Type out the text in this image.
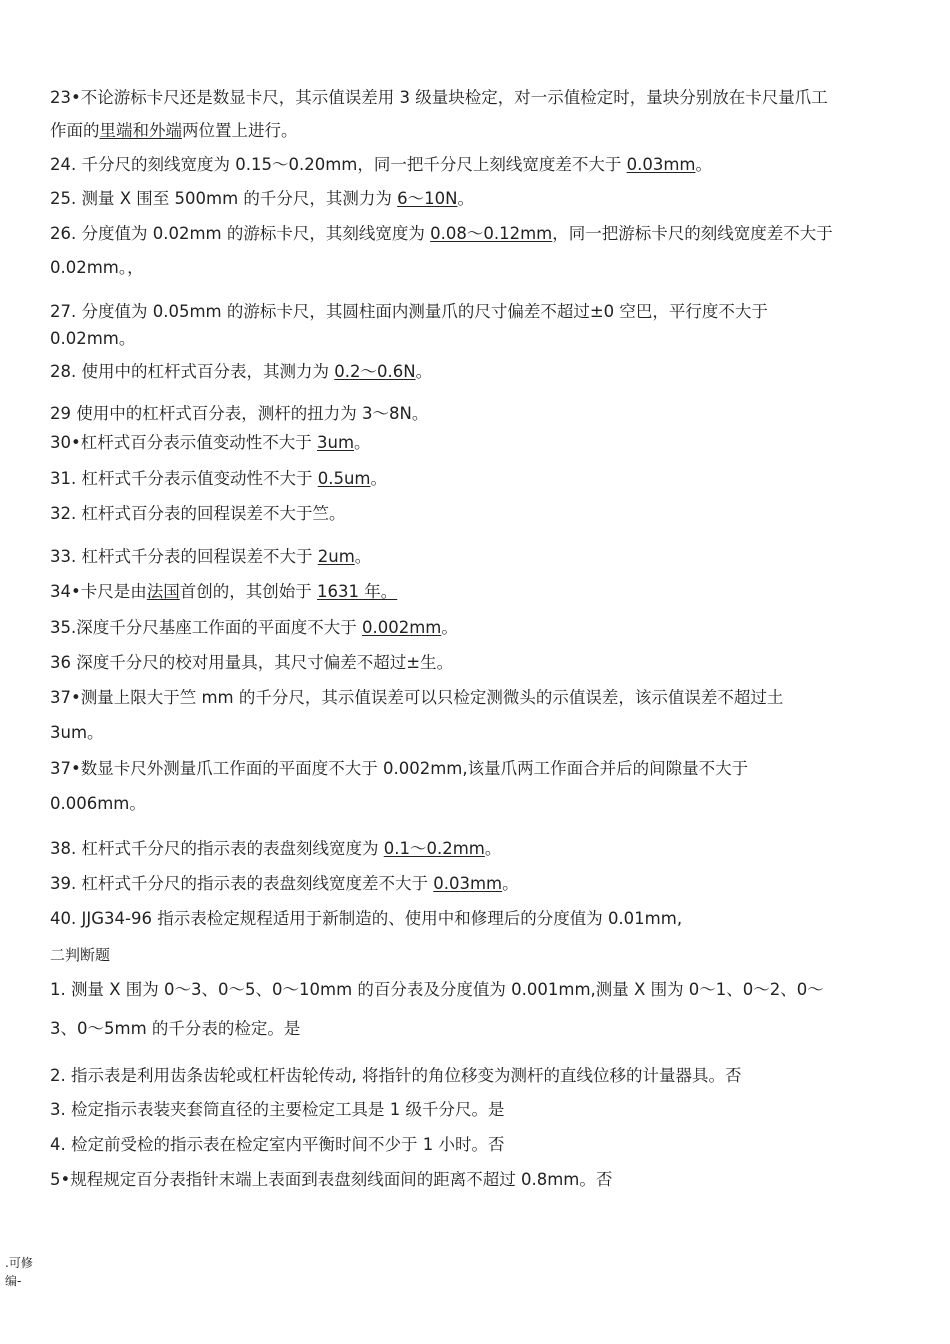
23•不论游标卡尺还是数显卡尺，其示值误差用 3 级量块检定，对一示值检定时，量块分别放在卡尺量爪工
作面的里端和外端两位置上进行。
24. 千分尺的刻线宽度为 0.15〜0.20mm，同一把千分尺上刻线宽度差不大于 0.03mm。
25. 测量 X 围至 500mm 的千分尺，其测力为 6〜10N。
26. 分度值为 0.02mm 的游标卡尺，其刻线宽度为 0.08〜0.12mm，同一把游标卡尺的刻线宽度差不大于
0.02mm。，
27. 分度值为 0.05mm 的游标卡尺，其圆柱面内测量爪的尺寸偏差不超过±0 空巴，平行度不大于
0.02mm。
28. 使用中的杠杆式百分表，其测力为 0.2〜0.6N。
29 使用中的杠杆式百分表，测杆的扭力为 3〜8N。
30•杠杆式百分表示值变动性不大于 3um。
31. 杠杆式千分表示值变动性不大于 0.5um。
32. 杠杆式百分表的回程误差不大于竺。
33. 杠杆式千分表的回程误差不大于 2um。
34•卡尺是由法国首创的，其创始于 1631 年。
35.深度千分尺基座工作面的平面度不大于 0.002mm。
36 深度千分尺的校对用量具，其尺寸偏差不超过±生。
37•测量上限大于竺 mm 的千分尺，其示值误差可以只检定测微头的示值误差，该示值误差不超过土
3um。
37•数显卡尺外测量爪工作面的平面度不大于 0.002mm,该量爪两工作面合并后的间隙量不大于
0.006mm。
38. 杠杆式千分尺的指示表的表盘刻线宽度为 0.1〜0.2mm。
39. 杠杆式千分尺的指示表的表盘刻线宽度差不大于 0.03mm。
40. JJG34-96 指示表检定规程适用于新制造的、使用中和修理后的分度值为 0.01mm,
二判断题
1. 测量 X 围为 0〜3、0〜5、0〜10mm 的百分表及分度值为 0.001mm,测量 X 围为 0〜1、0〜2、0〜
3、0〜5mm 的千分表的检定。是
2. 指示表是利用齿条齿轮或杠杆齿轮传动, 将指针的角位移变为测杆的直线位移的计量器具。否
3. 检定指示表装夹套筒直径的主要检定工具是 1 级千分尺。是
4. 检定前受检的指示表在检定室内平衡时间不少于 1 小时。否
5•规程规定百分表指针末端上表面到表盘刻线面间的距离不超过 0.8mm。否
.可修
编-
